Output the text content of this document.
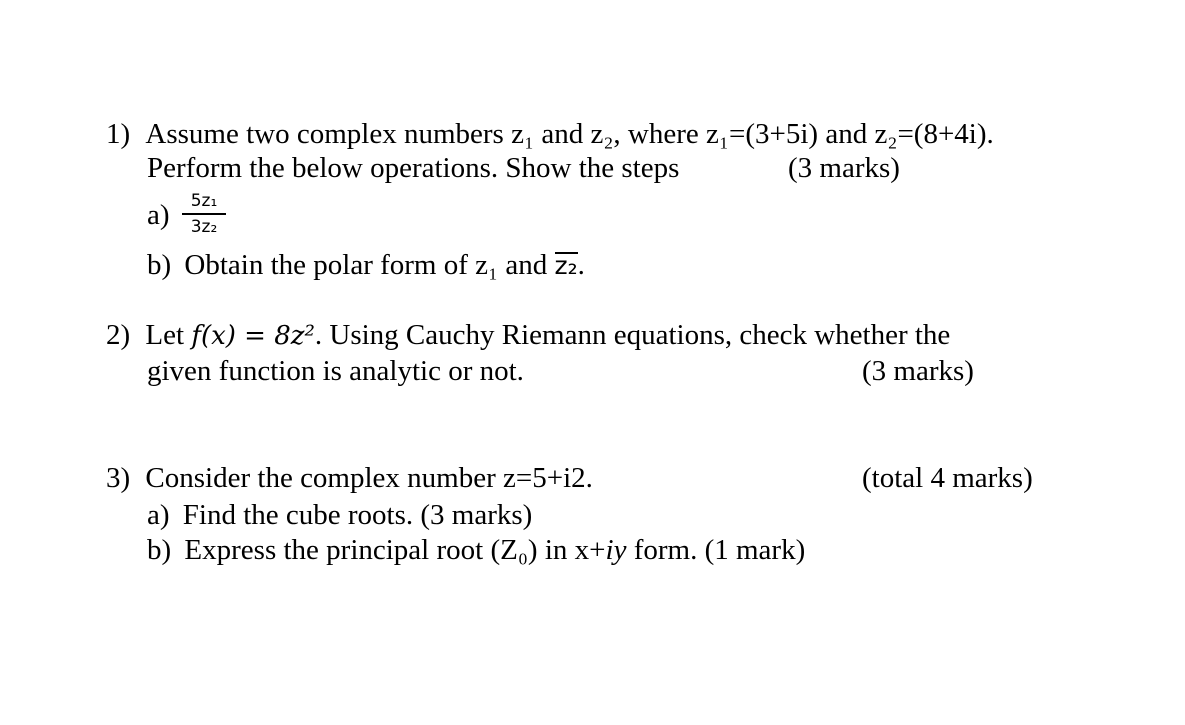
1) Assume two complex numbers z₁ and z₂, where z₁=(3+5i) and z₂=(8+4i).
Perform the below operations. Show the steps	(3 marks)
a)	5z₁
3z₂
b) Obtain the polar form of z₁ and z₂.
2) Let f(x) = 8z². Using Cauchy Riemann equations, check whether the
given function is analytic or not.	(3 marks)
3) Consider the complex number z=5+i2.	(total 4 marks)
a) Find the cube roots. (3 marks)
b) Express the principal root (Z₀) in x+iy form. (1 mark)
